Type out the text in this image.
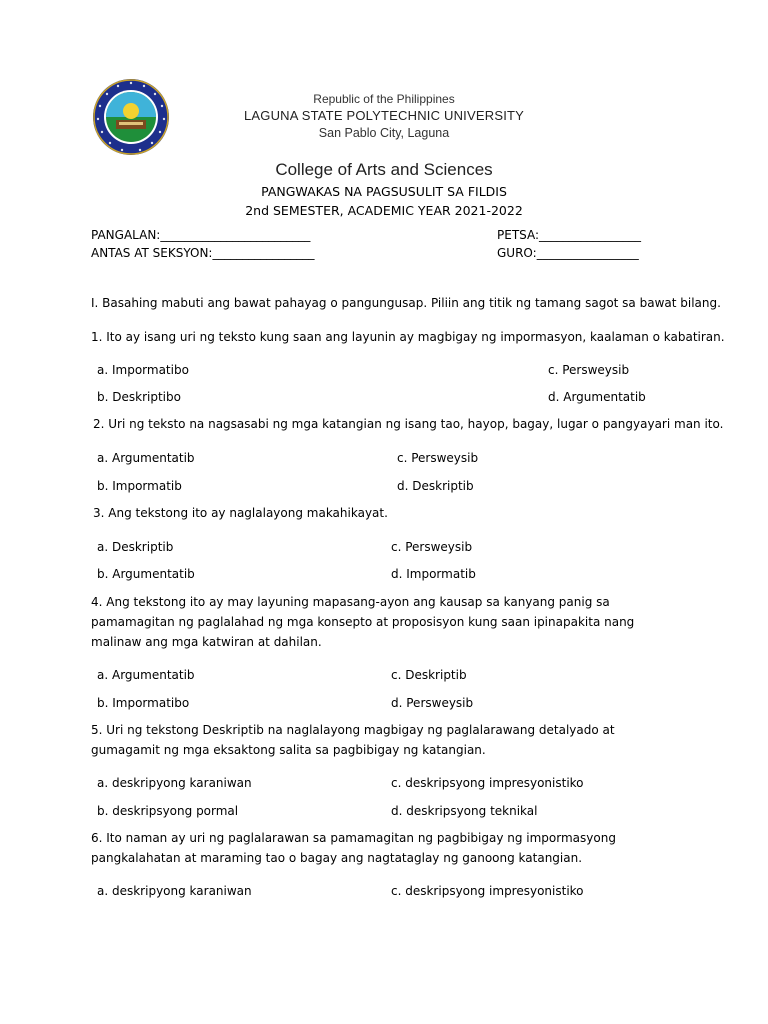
Republic of the Philippines
LAGUNA STATE POLYTECHNIC UNIVERSITY
San Pablo City, Laguna
College of Arts and Sciences
PANGWAKAS NA PAGSUSULIT SA FILDIS
2nd SEMESTER, ACADEMIC YEAR 2021-2022
PANGALAN:_________________________	PETSA:_________________
ANTAS AT SEKSYON:_________________	GURO:_________________
I. Basahing mabuti ang bawat pahayag o pangungusap. Piliin ang titik ng tamang sagot sa bawat bilang.
1. Ito ay isang uri ng teksto kung saan ang layunin ay magbigay ng impormasyon, kaalaman o kabatiran.
a. Impormatibo	c. Persweysib
b. Deskriptibo	d. Argumentatib
2. Uri ng teksto na nagsasabi ng mga katangian ng isang tao, hayop, bagay, lugar o pangyayari man ito.
a. Argumentatib	c. Persweysib
b. Impormatib	d. Deskriptib
3. Ang tekstong ito ay naglalayong makahikayat.
a. Deskriptib	c. Persweysib
b. Argumentatib	d. Impormatib
4. Ang tekstong ito ay may layuning mapasang-ayon ang kausap sa kanyang panig sa pamamagitan ng paglalahad ng mga konsepto at proposisyon kung saan ipinapakita nang malinaw ang mga katwiran at dahilan.
a. Argumentatib	c. Deskriptib
b. Impormatibo	d. Persweysib
5. Uri ng tekstong Deskriptib na naglalayong magbigay ng paglalarawang detalyado at gumagamit ng mga eksaktong salita sa pagbibigay ng katangian.
a. deskripyong karaniwan	c. deskripsyong impresyonistiko
b. deskripsyong pormal	d. deskripsyong teknikal
6. Ito naman ay uri ng paglalarawan sa pamamagitan ng pagbibigay ng impormasyong pangkalahatan at maraming tao o bagay ang nagtataglay ng ganoong katangian.
a. deskripyong karaniwan	c. deskripsyong impresyonistiko
